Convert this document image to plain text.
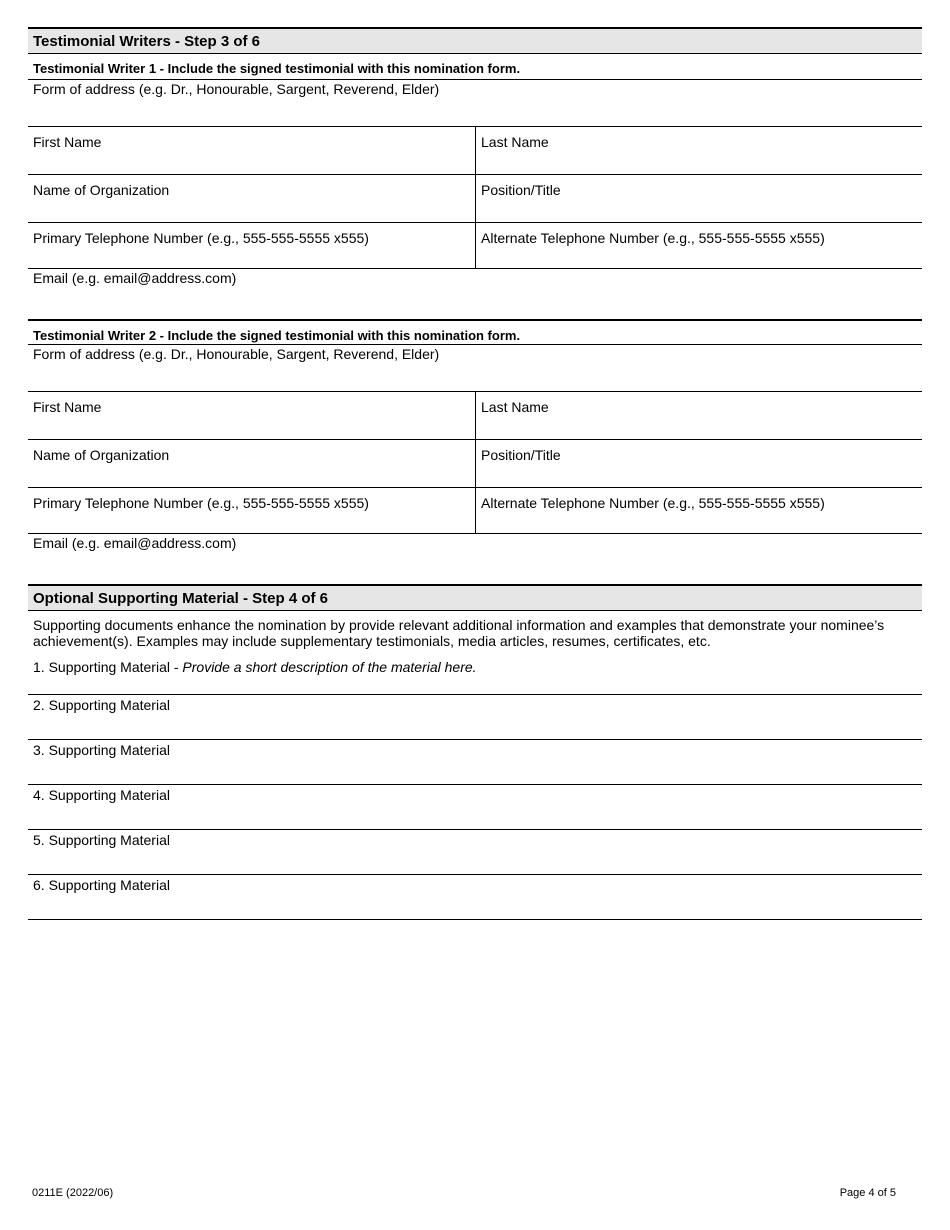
Testimonial Writers - Step 3 of 6
Testimonial Writer 1 - Include the signed testimonial with this nomination form.
Form of address (e.g. Dr., Honourable, Sargent, Reverend, Elder)
First Name	Last Name
Name of Organization	Position/Title
Primary Telephone Number (e.g., 555-555-5555 x555)	Alternate Telephone Number (e.g., 555-555-5555 x555)
Email (e.g. email@address.com)
Testimonial Writer 2 - Include the signed testimonial with this nomination form.
Form of address (e.g. Dr., Honourable, Sargent, Reverend, Elder)
First Name	Last Name
Name of Organization	Position/Title
Primary Telephone Number (e.g., 555-555-5555 x555)	Alternate Telephone Number (e.g., 555-555-5555 x555)
Email (e.g. email@address.com)
Optional Supporting Material - Step 4 of 6
Supporting documents enhance the nomination by provide relevant additional information and examples that demonstrate your nominee’s achievement(s). Examples may include supplementary testimonials, media articles, resumes, certificates, etc.
1. Supporting Material - Provide a short description of the material here.
2. Supporting Material
3. Supporting Material
4. Supporting Material
5. Supporting Material
6. Supporting Material
0211E (2022/06)	Page 4 of 5
